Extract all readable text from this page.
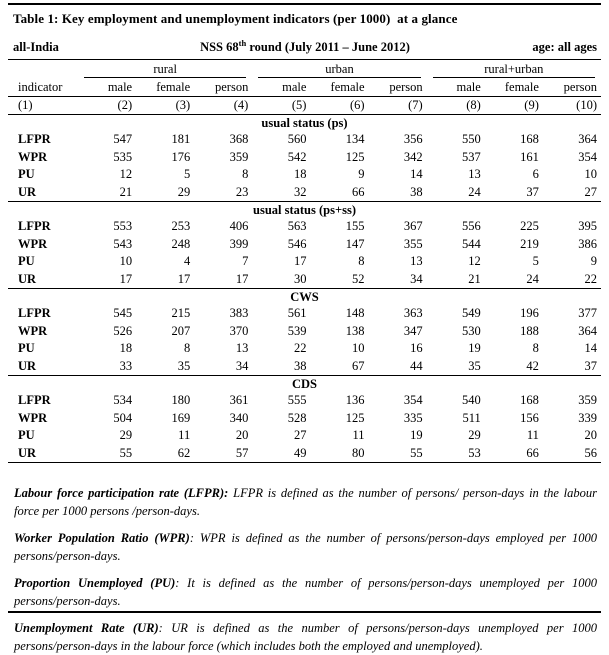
Table 1: Key employment and unemployment indicators (per 1000)  at a glance
all-India	NSS 68th round (July 2011 – June 2012)	age: all ages

	rural			urban			rural+urban		

indicator	male	female	person	male	female	person	male	female	person
(1)	(2)	(3)	(4)	(5)	(6)	(7)	(8)	(9)	(10)
usual status (ps)									
LFPR	547	181	368	560	134	356	550	168	364
WPR	535	176	359	542	125	342	537	161	354
PU	12	5	8	18	9	14	13	6	10
UR	21	29	23	32	66	38	24	37	27
usual status (ps+ss)									
LFPR	553	253	406	563	155	367	556	225	395
WPR	543	248	399	546	147	355	544	219	386
PU	10	4	7	17	8	13	12	5	9
UR	17	17	17	30	52	34	21	24	22
CWS									
LFPR	545	215	383	561	148	363	549	196	377
WPR	526	207	370	539	138	347	530	188	364
PU	18	8	13	22	10	16	19	8	14
UR	33	35	34	38	67	44	35	42	37
CDS									
LFPR	534	180	361	555	136	354	540	168	359
WPR	504	169	340	528	125	335	511	156	339
PU	29	11	20	27	11	19	29	11	20
UR	55	62	57	49	80	55	53	66	56

Labour force participation rate (LFPR): LFPR is defined as the number of persons/ person-days in the labour force per 1000 persons /person-days.

Worker Population Ratio (WPR): WPR is defined as the number of persons/person-days employed per 1000 persons/person-days.

Proportion Unemployed (PU): It is defined as the number of persons/person-days unemployed per 1000 persons/person-days.

Unemployment Rate (UR): UR is defined as the number of persons/person-days unemployed per 1000 persons/person-days in the labour force (which includes both the employed and unemployed).
